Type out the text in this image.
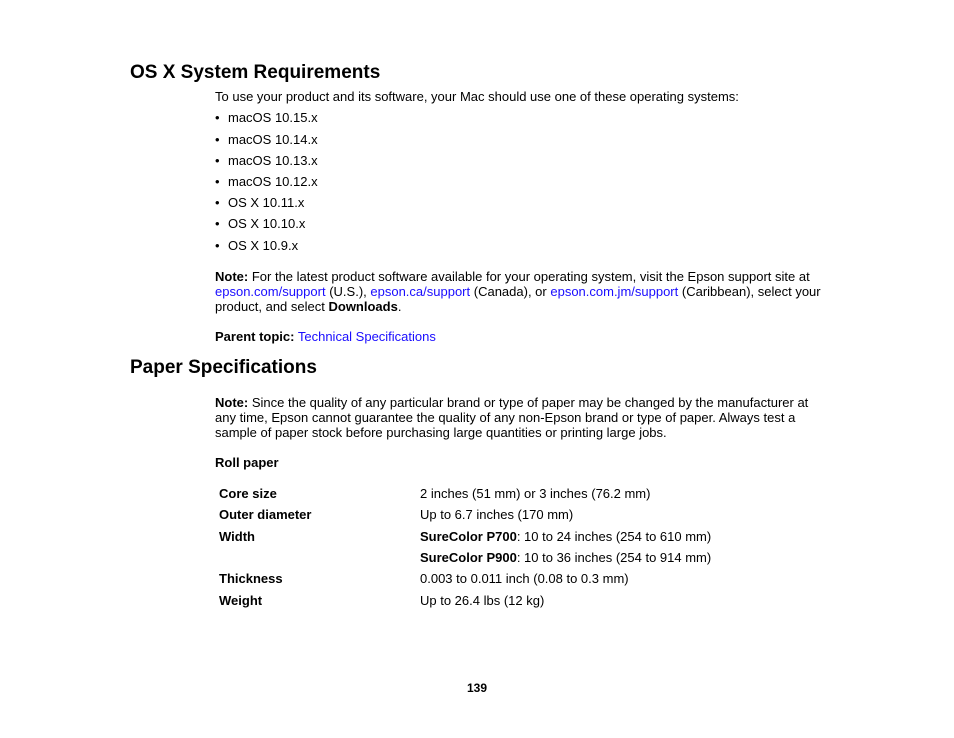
OS X System Requirements

To use your product and its software, your Mac should use one of these operating systems:

• macOS 10.15.x
• macOS 10.14.x
• macOS 10.13.x
• macOS 10.12.x
• OS X 10.11.x
• OS X 10.10.x
• OS X 10.9.x

Note: For the latest product software available for your operating system, visit the Epson support site at epson.com/support (U.S.), epson.ca/support (Canada), or epson.com.jm/support (Caribbean), select your product, and select Downloads.

Parent topic: Technical Specifications

Paper Specifications

Note: Since the quality of any particular brand or type of paper may be changed by the manufacturer at any time, Epson cannot guarantee the quality of any non-Epson brand or type of paper. Always test a sample of paper stock before purchasing large quantities or printing large jobs.

Roll paper

Core size	2 inches (51 mm) or 3 inches (76.2 mm)
Outer diameter	Up to 6.7 inches (170 mm)
Width	SureColor P700: 10 to 24 inches (254 to 610 mm)
SureColor P900: 10 to 36 inches (254 to 914 mm)
Thickness	0.003 to 0.011 inch (0.08 to 0.3 mm)
Weight	Up to 26.4 lbs (12 kg)
139
